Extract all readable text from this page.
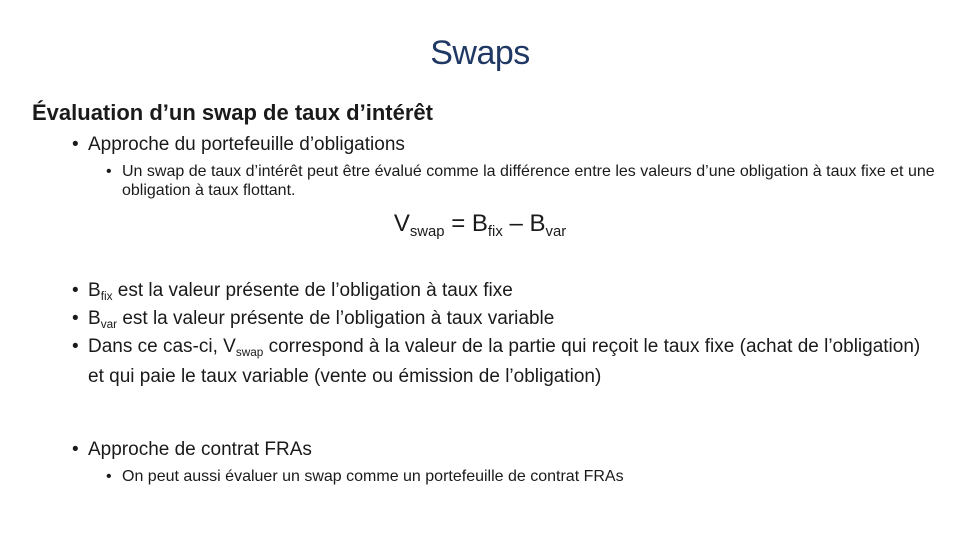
Swaps
Évaluation d’un swap de taux d’intérêt
• Approche du portefeuille d’obligations
• Un swap de taux d’intérêt peut être évalué comme la différence entre les valeurs d’une obligation à taux fixe et une obligation à taux flottant.
$V_{swap} = B_{fix} - B_{var}$
• $B_{fix}$ est la valeur présente de l’obligation à taux fixe
• $B_{var}$ est la valeur présente de l’obligation à taux variable
• Dans ce cas-ci, $V_{swap}$ correspond à la valeur de la partie qui reçoit le taux fixe (achat de l’obligation) et qui paie le taux variable (vente ou émission de l’obligation)
• Approche de contrat FRAs
• On peut aussi évaluer un swap comme un portefeuille de contrat FRAs
